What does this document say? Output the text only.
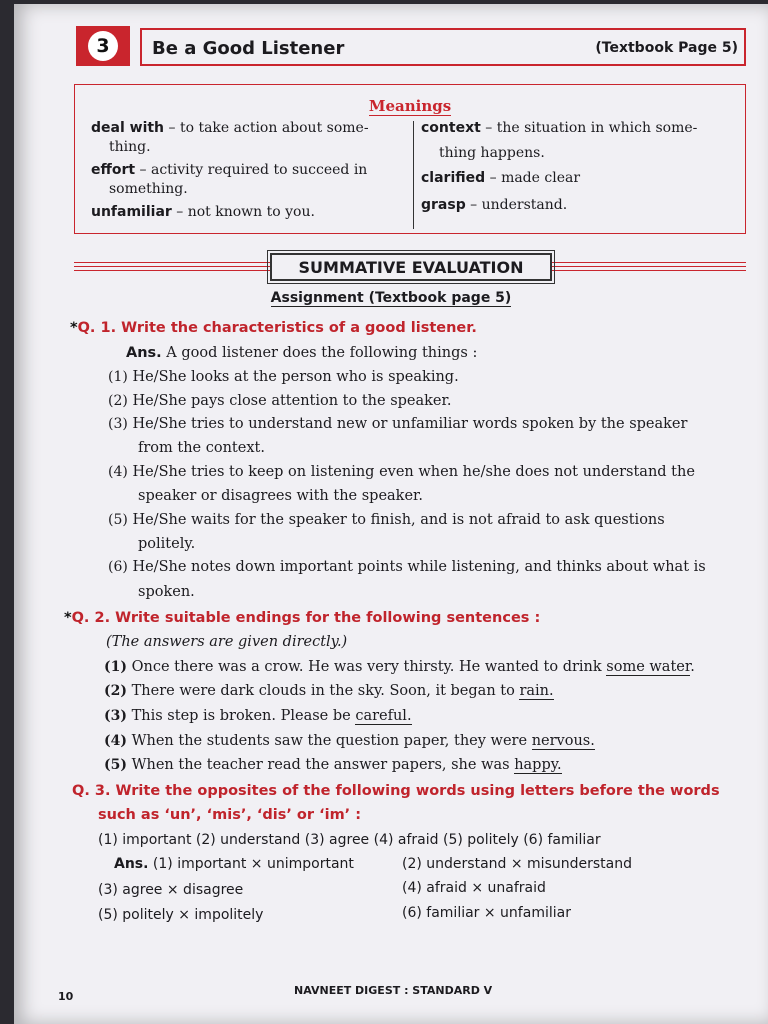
3	Be a Good Listener	(Textbook Page 5)
Meanings
deal with – to take action about some-
thing.
effort – activity required to succeed in
something.
unfamiliar – not known to you.
context – the situation in which some-
thing happens.
clarified – made clear
grasp – understand.
SUMMATIVE EVALUATION
Assignment (Textbook page 5)
*Q. 1. Write the characteristics of a good listener.
Ans. A good listener does the following things :
(1) He/She looks at the person who is speaking.
(2) He/She pays close attention to the speaker.
(3) He/She tries to understand new or unfamiliar words spoken by the speaker
from the context.
(4) He/She tries to keep on listening even when he/she does not understand the
speaker or disagrees with the speaker.
(5) He/She waits for the speaker to finish, and is not afraid to ask questions
politely.
(6) He/She notes down important points while listening, and thinks about what is
spoken.
*Q. 2. Write suitable endings for the following sentences :
(The answers are given directly.)
(1) Once there was a crow. He was very thirsty. He wanted to drink some water.
(2) There were dark clouds in the sky. Soon, it began to rain.
(3) This step is broken. Please be careful.
(4) When the students saw the question paper, they were nervous.
(5) When the teacher read the answer papers, she was happy.
Q. 3. Write the opposites of the following words using letters before the words
such as ‘un’, ‘mis’, ‘dis’ or ‘im’ :
(1) important (2) understand (3) agree (4) afraid (5) politely (6) familiar
Ans. (1) important × unimportant	(2) understand × misunderstand
(3) agree × disagree	(4) afraid × unafraid
(5) politely × impolitely	(6) familiar × unfamiliar
10	NAVNEET DIGEST : STANDARD V
